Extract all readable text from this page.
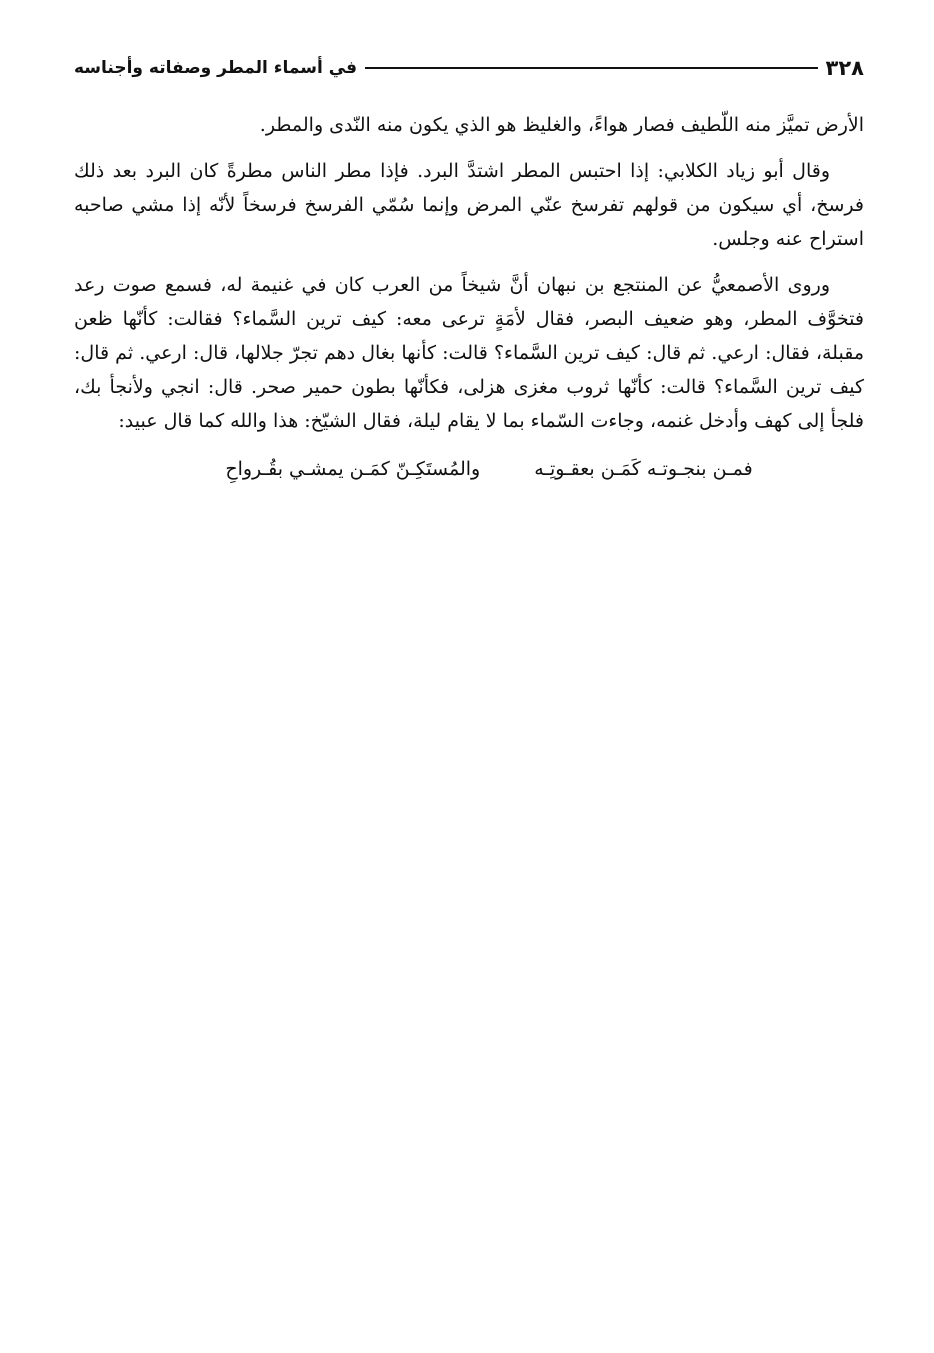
٣٢٨
في أسماء المطر وصفاته وأجناسه

الأرض تميَّز منه اللّطيف فصار هواءً، والغليظ هو الذي يكون منه النّدى والمطر.

وقال أبو زياد الكلابي: إذا احتبس المطر اشتدَّ البرد. فإذا مطر الناس مطرةً كان البرد بعد ذلك فرسخ، أي سيكون من قولهم تفرسخ عنّي المرض وإنما سُمّي الفرسخ فرسخاً لأنّه إذا مشي صاحبه استراح عنه وجلس.

وروى الأصمعيُّ عن المنتجع بن نبهان أنَّ شيخاً من العرب كان في غنيمة له، فسمع صوت رعد فتخوَّف المطر، وهو ضعيف البصر، فقال لأمَةٍ ترعى معه: كيف ترين السَّماء؟ فقالت: كأنّها ظعن مقبلة، فقال: ارعي. ثم قال: كيف ترين السَّماء؟ قالت: كأنها بغال دهم تجرّ جلالها، قال: ارعي. ثم قال: كيف ترين السَّماء؟ قالت: كأنّها ثروب مغزى هزلى، فكأنّها بطون حمير صحر. قال: انجي ولأنجأ بك، فلجأ إلى كهف وأدخل غنمه، وجاءت السّماء بما لا يقام ليلة، فقال الشيّخ: هذا والله كما قال عبيد:

فمـن بنجـوتـه كَمَـن بعقـوتِـه
والمُستَكِـنّ كمَـن يمشـي بقُـرواحِ
